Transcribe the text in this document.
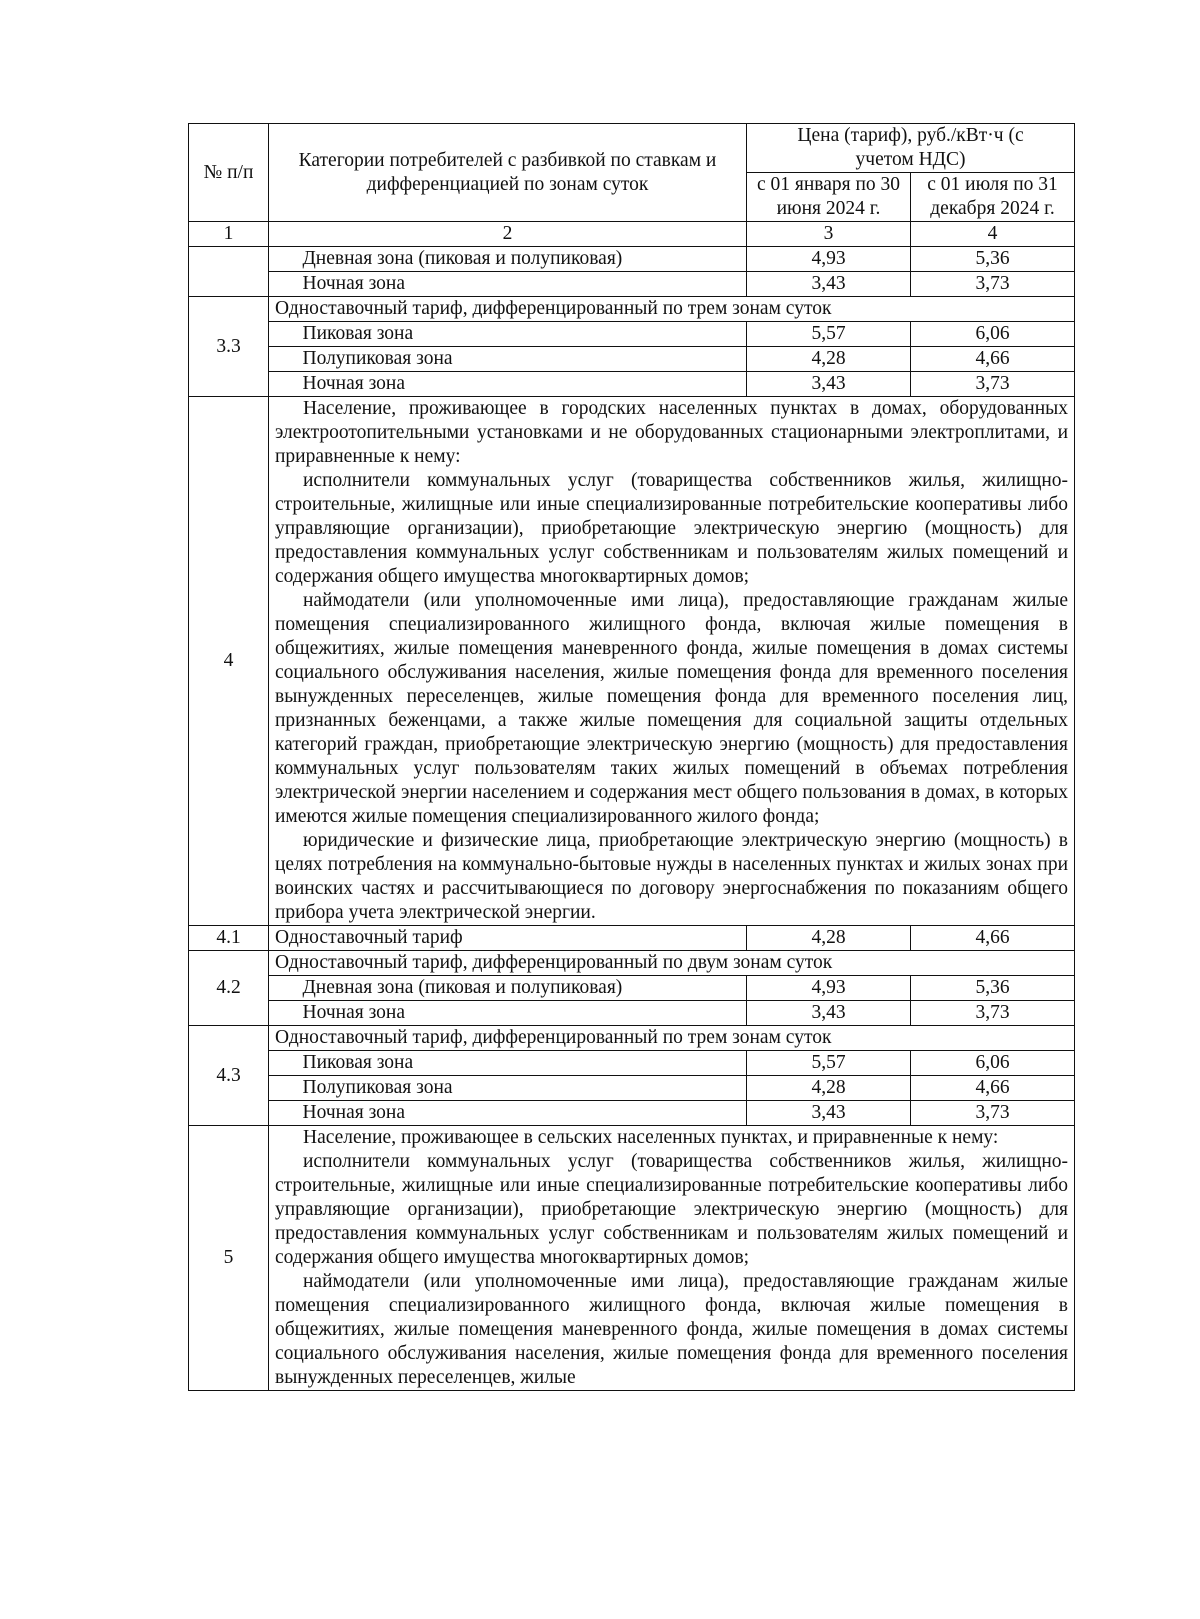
№ п/п	Категории потребителей с разбивкой по ставкам и дифференциацией по зонам суток		Цена (тариф), руб./кВт·ч (с учетом НДС)	
			с 01 января по 30 июня 2024 г.	с 01 июля по 31 декабря 2024 г.
1	2		3	4
		Дневная зона (пиковая и полупиковая)	4,93	5,36
		Ночная зона	3,43	3,73
3.3	Одноставочный тариф, дифференцированный по трем зонам суток			
		Пиковая зона	5,57	6,06
		Полупиковая зона	4,28	4,66
		Ночная зона	3,43	3,73
4	Население, проживающее в городских населенных пунктах в домах, оборудованных электроотопительными установками и не оборудованных стационарными электроплитами, и приравненные к нему:

исполнители коммунальных услуг (товарищества собственников жилья, жилищно-строительные, жилищные или иные специализированные потребительские кооперативы либо управляющие организации), приобретающие электрическую энергию (мощность) для предоставления коммунальных услуг собственникам и пользователям жилых помещений и содержания общего имущества многоквартирных домов;

наймодатели (или уполномоченные ими лица), предоставляющие гражданам жилые помещения специализированного жилищного фонда, включая жилые помещения в общежитиях, жилые помещения маневренного фонда, жилые помещения в домах системы социального обслуживания населения, жилые помещения фонда для временного поселения вынужденных переселенцев, жилые помещения фонда для временного поселения лиц, признанных беженцами, а также жилые помещения для социальной защиты отдельных категорий граждан, приобретающие электрическую энергию (мощность) для предоставления коммунальных услуг пользователям таких жилых помещений в объемах потребления электрической энергии населением и содержания мест общего пользования в домах, в которых имеются жилые помещения специализированного жилого фонда;

юридические и физические лица, приобретающие электрическую энергию (мощность) в целях потребления на коммунально-бытовые нужды в населенных пунктах и жилых зонах при воинских частях и рассчитывающиеся по договору энергоснабжения по показаниям общего прибора учета электрической энергии.			

4.1	Одноставочный тариф		4,28	4,66
4.2	Одноставочный тариф, дифференцированный по двум зонам суток			
		Дневная зона (пиковая и полупиковая)	4,93	5,36
		Ночная зона	3,43	3,73
4.3	Одноставочный тариф, дифференцированный по трем зонам суток			
		Пиковая зона	5,57	6,06
		Полупиковая зона	4,28	4,66
		Ночная зона	3,43	3,73
5	Население, проживающее в сельских населенных пунктах, и приравненные к нему:

исполнители коммунальных услуг (товарищества собственников жилья, жилищно-строительные, жилищные или иные специализированные потребительские кооперативы либо управляющие организации), приобретающие электрическую энергию (мощность) для предоставления коммунальных услуг собственникам и пользователям жилых помещений и содержания общего имущества многоквартирных домов;

наймодатели (или уполномоченные ими лица), предоставляющие гражданам жилые помещения специализированного жилищного фонда, включая жилые помещения в общежитиях, жилые помещения маневренного фонда, жилые помещения в домах системы социального обслуживания населения, жилые помещения фонда для временного поселения вынужденных переселенцев, жилые			
